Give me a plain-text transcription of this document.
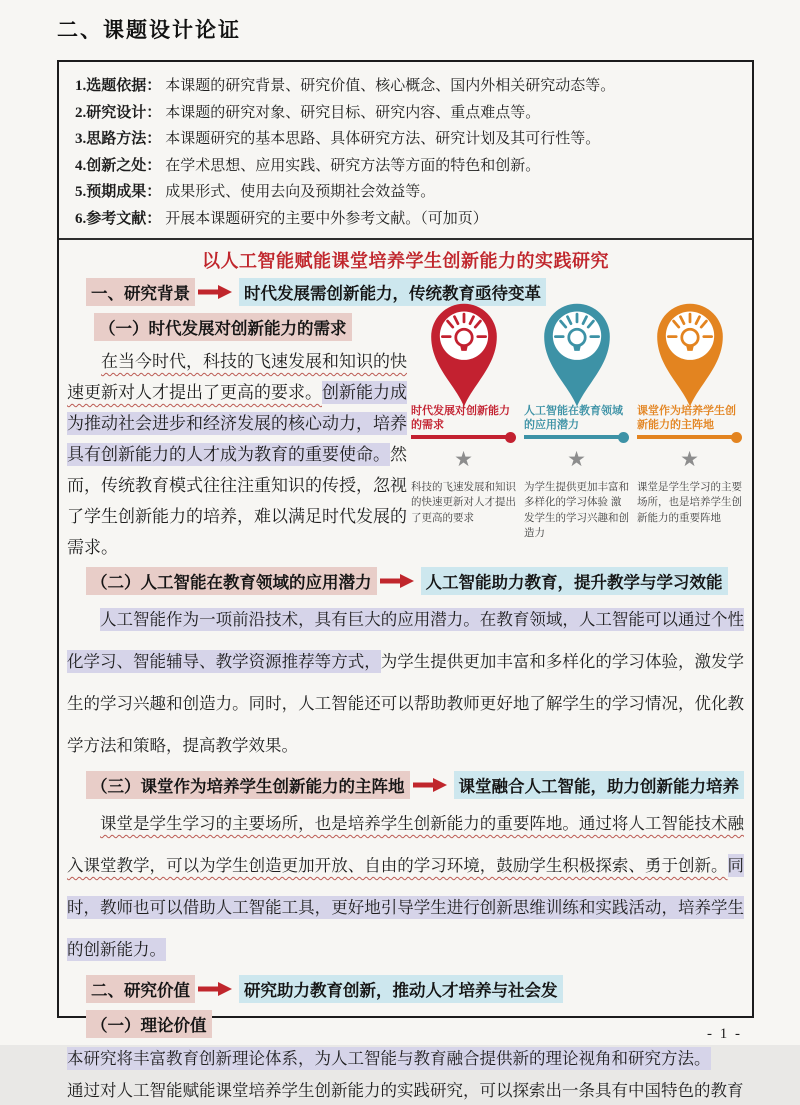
二、课题设计论证
1.选题依据： 本课题的研究背景、研究价值、核心概念、国内外相关研究动态等。
2.研究设计： 本课题的研究对象、研究目标、研究内容、重点难点等。
3.思路方法： 本课题研究的基本思路、具体研究方法、研究计划及其可行性等。
4.创新之处： 在学术思想、应用实践、研究方法等方面的特色和创新。
5.预期成果： 成果形式、使用去向及预期社会效益等。
6.参考文献： 开展本课题研究的主要中外参考文献。（可加页）
以人工智能赋能课堂培养学生创新能力的实践研究
一、研究背景	时代发展需创新能力，传统教育亟待变革
（一）时代发展对创新能力的需求

在当今时代，科技的飞速发展和知识的快速更新对人才提出了更高的要求。创新能力成为推动社会进步和经济发展的核心动力，培养具有创新能力的人才成为教育的重要使命。然而，传统教育模式往往注重知识的传授，忽视了学生创新能力的培养，难以满足时代发展的需求。

时代发展对创新能力的需求
★
科技的飞速发展和知识的快速更新对人才提出了更高的要求
人工智能在教育领域的应用潜力
★
为学生提供更加丰富和多样化的学习体验 激发学生的学习兴趣和创造力
课堂作为培养学生创新能力的主阵地
★
课堂是学生学习的主要场所，也是培养学生创新能力的重要阵地
（二）人工智能在教育领域的应用潜力	人工智能助力教育，提升教学与学习效能

人工智能作为一项前沿技术，具有巨大的应用潜力。在教育领域，人工智能可以通过个性化学习、智能辅导、教学资源推荐等方式，为学生提供更加丰富和多样化的学习体验，激发学生的学习兴趣和创造力。同时，人工智能还可以帮助教师更好地了解学生的学习情况，优化教学方法和策略，提高教学效果。

（三）课堂作为培养学生创新能力的主阵地	课堂融合人工智能，助力创新能力培养

课堂是学生学习的主要场所，也是培养学生创新能力的重要阵地。通过将人工智能技术融入课堂教学，可以为学生创造更加开放、自由的学习环境，鼓励学生积极探索、勇于创新。同时，教师也可以借助人工智能工具，更好地引导学生进行创新思维训练和实践活动，培养学生的创新能力。

二、研究价值	研究助力教育创新，推动人才培养与社会发
（一）理论价值

本研究将丰富教育创新理论体系，为人工智能与教育融合提供新的理论视角和研究方法。

通过对人工智能赋能课堂培养学生创新能力的实践研究，可以探索出一条具有中国特色的教育

- 1 -
